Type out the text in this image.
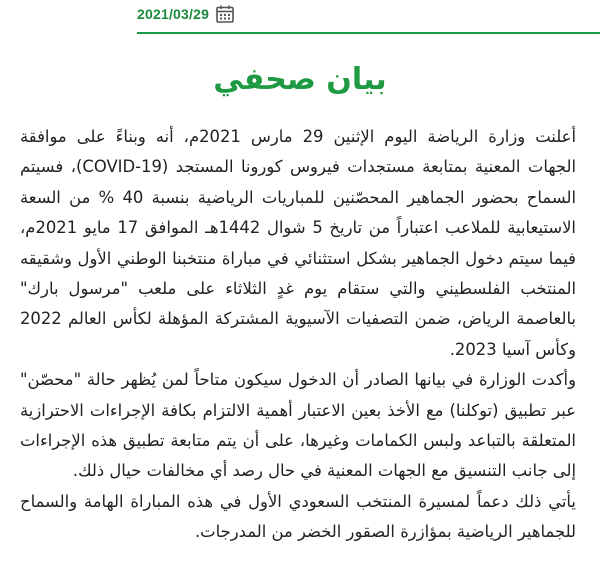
2021/03/29
بيان صحفي

أعلنت وزارة الرياضة اليوم الإثنين 29 مارس 2021م، أنه وبناءً على موافقة الجهات المعنية بمتابعة مستجدات فيروس كورونا المستجد (COVID-19)، فسيتم السماح بحضور الجماهير المحصّنين للمباريات الرياضية بنسبة 40 % من السعة الاستيعابية للملاعب اعتباراً من تاريخ 5 شوال 1442هـ الموافق 17 مايو 2021م، فيما سيتم دخول الجماهير بشكل استثنائي في مباراة منتخبنا الوطني الأول وشقيقه المنتخب الفلسطيني والتي ستقام يوم غدٍ الثلاثاء على ملعب "مرسول بارك" بالعاصمة الرياض، ضمن التصفيات الآسيوية المشتركة المؤهلة لكأس العالم 2022 وكأس آسيا 2023.

وأكدت الوزارة في بيانها الصادر أن الدخول سيكون متاحاً لمن يُظهر حالة "محصّن" عبر تطبيق (توكلنا) مع الأخذ بعين الاعتبار أهمية الالتزام بكافة الإجراءات الاحترازية المتعلقة بالتباعد ولبس الكمامات وغيرها، على أن يتم متابعة تطبيق هذه الإجراءات إلى جانب التنسيق مع الجهات المعنية في حال رصد أي مخالفات حيال ذلك.

يأتي ذلك دعماً لمسيرة المنتخب السعودي الأول في هذه المباراة الهامة والسماح للجماهير الرياضية بمؤازرة الصقور الخضر من المدرجات.
